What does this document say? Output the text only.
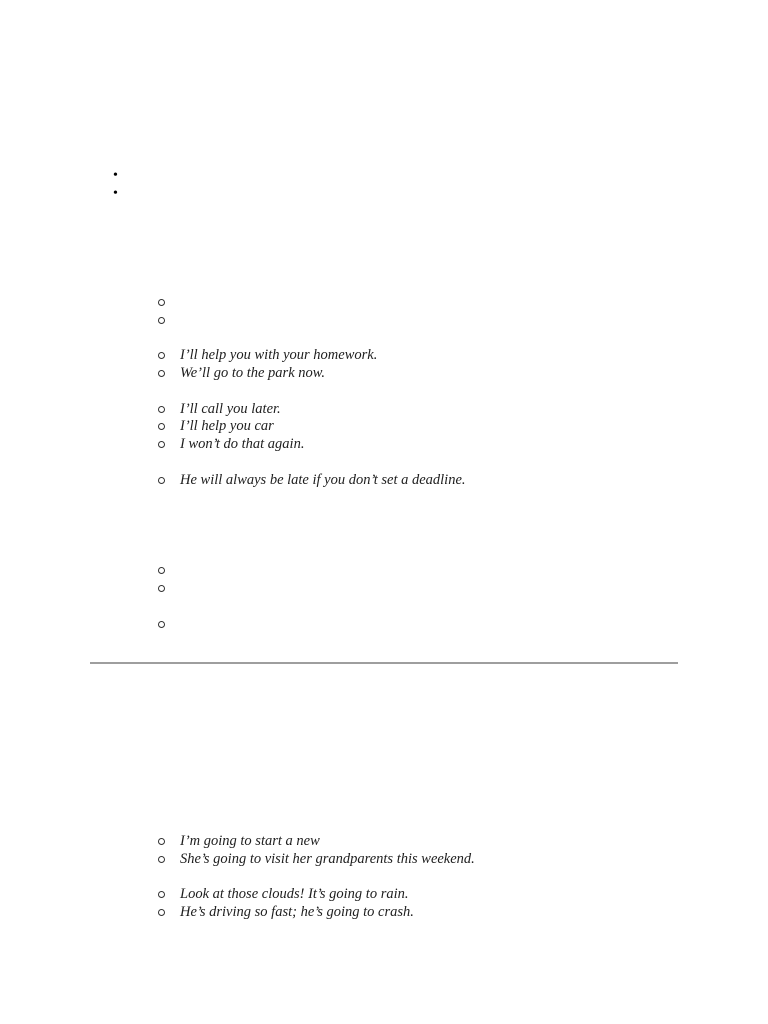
•
•
I’ll help you with your homework.
We’ll go to the park now.
I’ll call you later.
I’ll help you car
I won’t do that again.
He will always be late if you don’t set a deadline.
I’m going to start a new
She’s going to visit her grandparents this weekend.
Look at those clouds! It’s going to rain.
He’s driving so fast; he’s going to crash.
